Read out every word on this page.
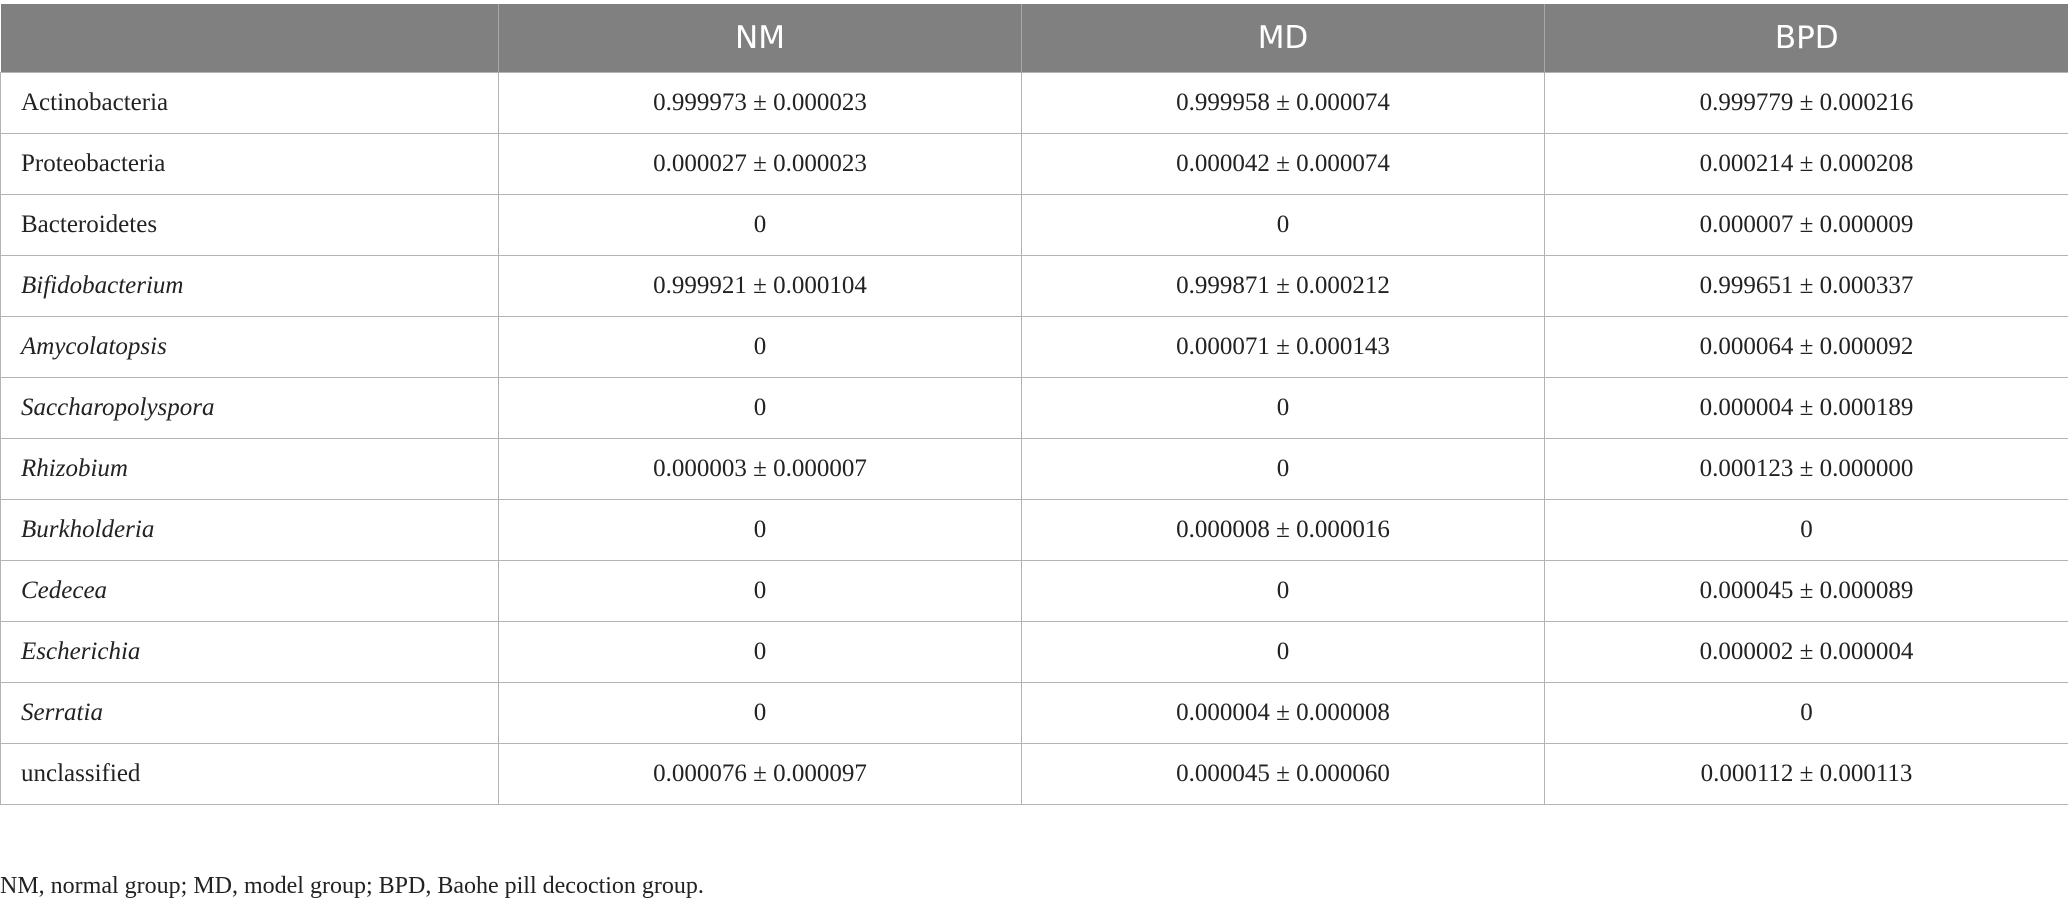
	NM	MD	BPD
Actinobacteria	0.999973 ± 0.000023	0.999958 ± 0.000074	0.999779 ± 0.000216
Proteobacteria	0.000027 ± 0.000023	0.000042 ± 0.000074	0.000214 ± 0.000208
Bacteroidetes	0	0	0.000007 ± 0.000009
Bifidobacterium	0.999921 ± 0.000104	0.999871 ± 0.000212	0.999651 ± 0.000337
Amycolatopsis	0	0.000071 ± 0.000143	0.000064 ± 0.000092
Saccharopolyspora	0	0	0.000004 ± 0.000189
Rhizobium	0.000003 ± 0.000007	0	0.000123 ± 0.000000
Burkholderia	0	0.000008 ± 0.000016	0
Cedecea	0	0	0.000045 ± 0.000089
Escherichia	0	0	0.000002 ± 0.000004
Serratia	0	0.000004 ± 0.000008	0
unclassified	0.000076 ± 0.000097	0.000045 ± 0.000060	0.000112 ± 0.000113
NM, normal group; MD, model group; BPD, Baohe pill decoction group.
